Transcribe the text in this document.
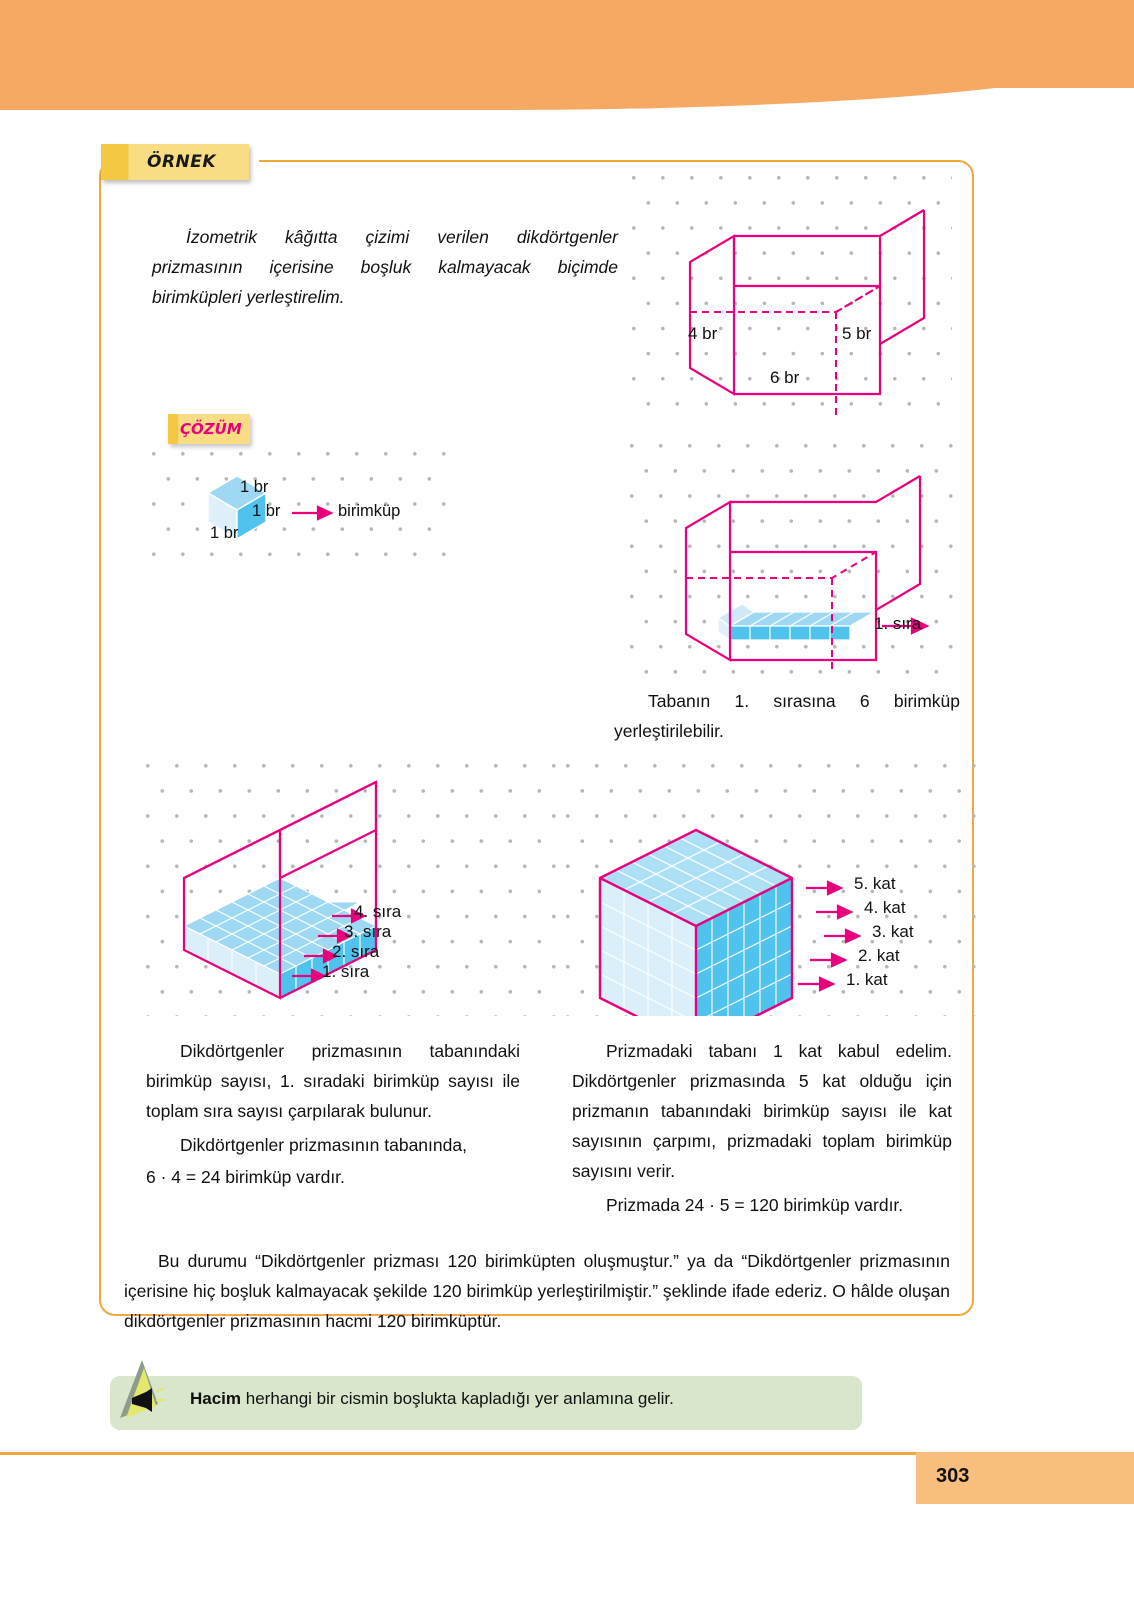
ÖRNEK
İzometrik kâğıtta çizimi verilen dikdörtgenler prizmasının içerisine boşluk kalmayacak biçimde birimküpleri yerleştirelim.
ÇÖZÜM
4 br	5 br
6 br
1 br
1 br
1 br
birimküp
1. sıra
Tabanın 1. sırasına 6 birimküp yerleştirilebilir.
4. sıra
3. sıra
2. sıra
1. sıra
5. kat
4. kat
3. kat
2. kat
1. kat
Dikdörtgenler prizmasının tabanındaki birimküp sayısı, 1. sıradaki birimküp sayısı ile toplam sıra sayısı çarpılarak bulunur.
Dikdörtgenler prizmasının tabanında,
6 · 4 = 24 birimküp vardır.
Prizmadaki tabanı 1 kat kabul edelim. Dikdörtgenler prizmasında 5 kat olduğu için prizmanın tabanındaki birimküp sayısı ile kat sayısının çarpımı, prizmadaki toplam birimküp sayısını verir.
Prizmada 24 · 5 = 120 birimküp vardır.
Bu durumu “Dikdörtgenler prizması 120 birimküpten oluşmuştur.” ya da “Dikdörtgenler prizmasının içerisine hiç boşluk kalmayacak şekilde 120 birimküp yerleştirilmiştir.” şeklinde ifade ederiz. O hâlde oluşan dikdörtgenler prizmasının hacmi 120 birimküptür.
Hacim herhangi bir cismin boşlukta kapladığı yer anlamına gelir.
303
